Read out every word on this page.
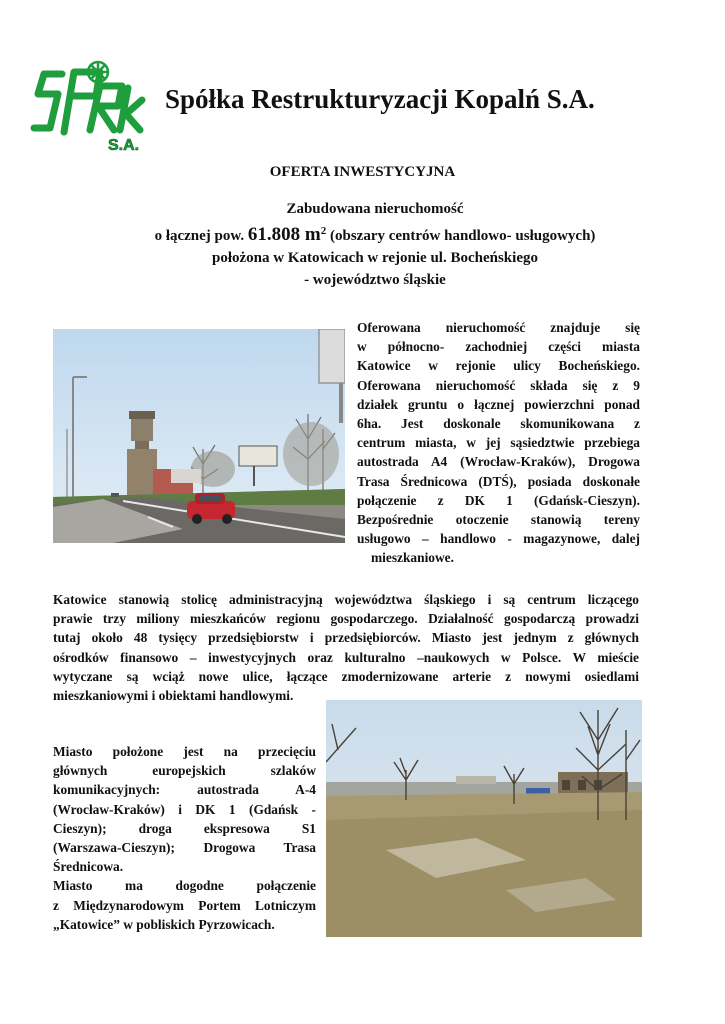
S.A.
Spółka Restrukturyzacji Kopalń S.A.
OFERTA INWESTYCYJNA
Zabudowana nieruchomość
o łącznej pow. 61.808 $m^2$ (obszary centrów handlowo- usługowych)
położona w Katowicach w rejonie ul. Bocheńskiego
- województwo śląskie
Oferowana nieruchomość znajduje się
w północno- zachodniej części miasta
Katowice w rejonie ulicy Bocheńskiego.
Oferowana nieruchomość składa się z 9
działek gruntu o łącznej powierzchni ponad
6ha. Jest doskonale skomunikowana z
centrum miasta, w jej sąsiedztwie przebiega
autostrada A4 (Wrocław-Kraków), Drogowa
Trasa Średnicowa (DTŚ), posiada doskonałe
połączenie z DK 1 (Gdańsk-Cieszyn).
Bezpośrednie otoczenie stanowią tereny
usługowo – handlowo - magazynowe, dalej
mieszkaniowe.
Katowice stanowią stolicę administracyjną województwa śląskiego i są centrum liczącego
prawie trzy miliony mieszkańców regionu gospodarczego. Działalność gospodarczą prowadzi
tutaj około 48 tysięcy przedsiębiorstw i przedsiębiorców. Miasto jest jednym z głównych
ośrodków finansowo – inwestycyjnych oraz kulturalno –naukowych w Polsce. W mieście
wytyczane są wciąż nowe ulice, łączące zmodernizowane arterie z nowymi osiedlami
mieszkaniowymi i obiektami handlowymi.
Miasto położone jest na przecięciu
głównych europejskich szlaków
komunikacyjnych: autostrada A-4
(Wrocław-Kraków) i DK 1 (Gdańsk -
Cieszyn); droga ekspresowa S1
(Warszawa-Cieszyn); Drogowa Trasa
Średnicowa.
Miasto ma dogodne połączenie
z Międzynarodowym Portem Lotniczym
„Katowice” w pobliskich Pyrzowicach.
